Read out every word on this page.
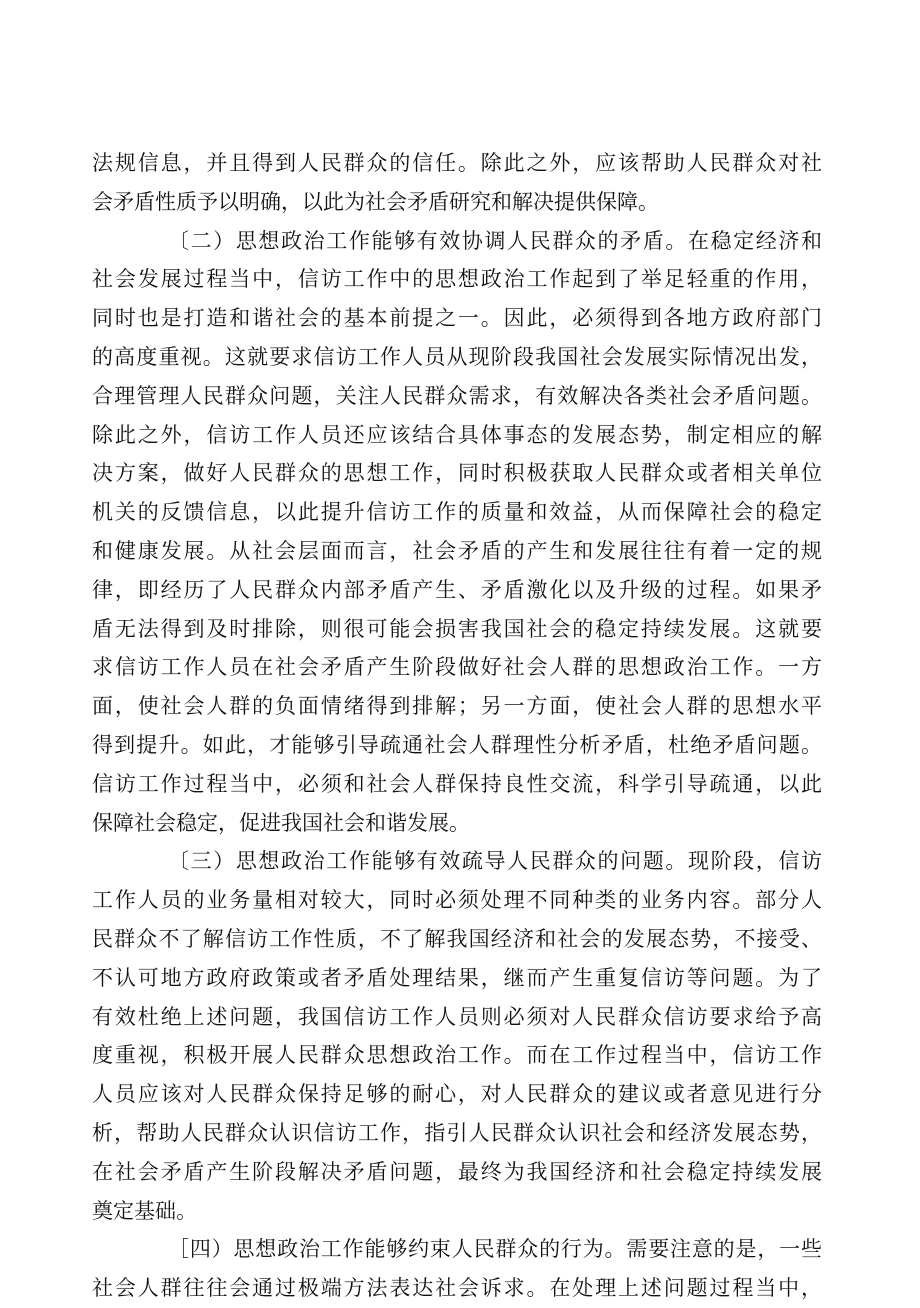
法规信息，并且得到人民群众的信任。除此之外，应该帮助人民群众对社
会矛盾性质予以明确，以此为社会矛盾研究和解决提供保障。
〔二）思想政治工作能够有效协调人民群众的矛盾。在稳定经济和
社会发展过程当中，信访工作中的思想政治工作起到了举足轻重的作用，
同时也是打造和谐社会的基本前提之一。因此，必须得到各地方政府部门
的高度重视。这就要求信访工作人员从现阶段我国社会发展实际情况出发，
合理管理人民群众问题，关注人民群众需求，有效解决各类社会矛盾问题。
除此之外，信访工作人员还应该结合具体事态的发展态势，制定相应的解
决方案，做好人民群众的思想工作，同时积极获取人民群众或者相关单位
机关的反馈信息，以此提升信访工作的质量和效益，从而保障社会的稳定
和健康发展。从社会层面而言，社会矛盾的产生和发展往往有着一定的规
律，即经历了人民群众内部矛盾产生、矛盾激化以及升级的过程。如果矛
盾无法得到及时排除，则很可能会损害我国社会的稳定持续发展。这就要
求信访工作人员在社会矛盾产生阶段做好社会人群的思想政治工作。一方
面，使社会人群的负面情绪得到排解；另一方面，使社会人群的思想水平
得到提升。如此，才能够引导疏通社会人群理性分析矛盾，杜绝矛盾问题。
信访工作过程当中，必须和社会人群保持良性交流，科学引导疏通，以此
保障社会稳定，促进我国社会和谐发展。
〔三）思想政治工作能够有效疏导人民群众的问题。现阶段，信访
工作人员的业务量相对较大，同时必须处理不同种类的业务内容。部分人
民群众不了解信访工作性质，不了解我国经济和社会的发展态势，不接受、
不认可地方政府政策或者矛盾处理结果，继而产生重复信访等问题。为了
有效杜绝上述问题，我国信访工作人员则必须对人民群众信访要求给予高
度重视，积极开展人民群众思想政治工作。而在工作过程当中，信访工作
人员应该对人民群众保持足够的耐心，对人民群众的建议或者意见进行分
析，帮助人民群众认识信访工作，指引人民群众认识社会和经济发展态势，
在社会矛盾产生阶段解决矛盾问题，最终为我国经济和社会稳定持续发展
奠定基础。
［四）思想政治工作能够约束人民群众的行为。需要注意的是，一些
社会人群往往会通过极端方法表达社会诉求。在处理上述问题过程当中，
